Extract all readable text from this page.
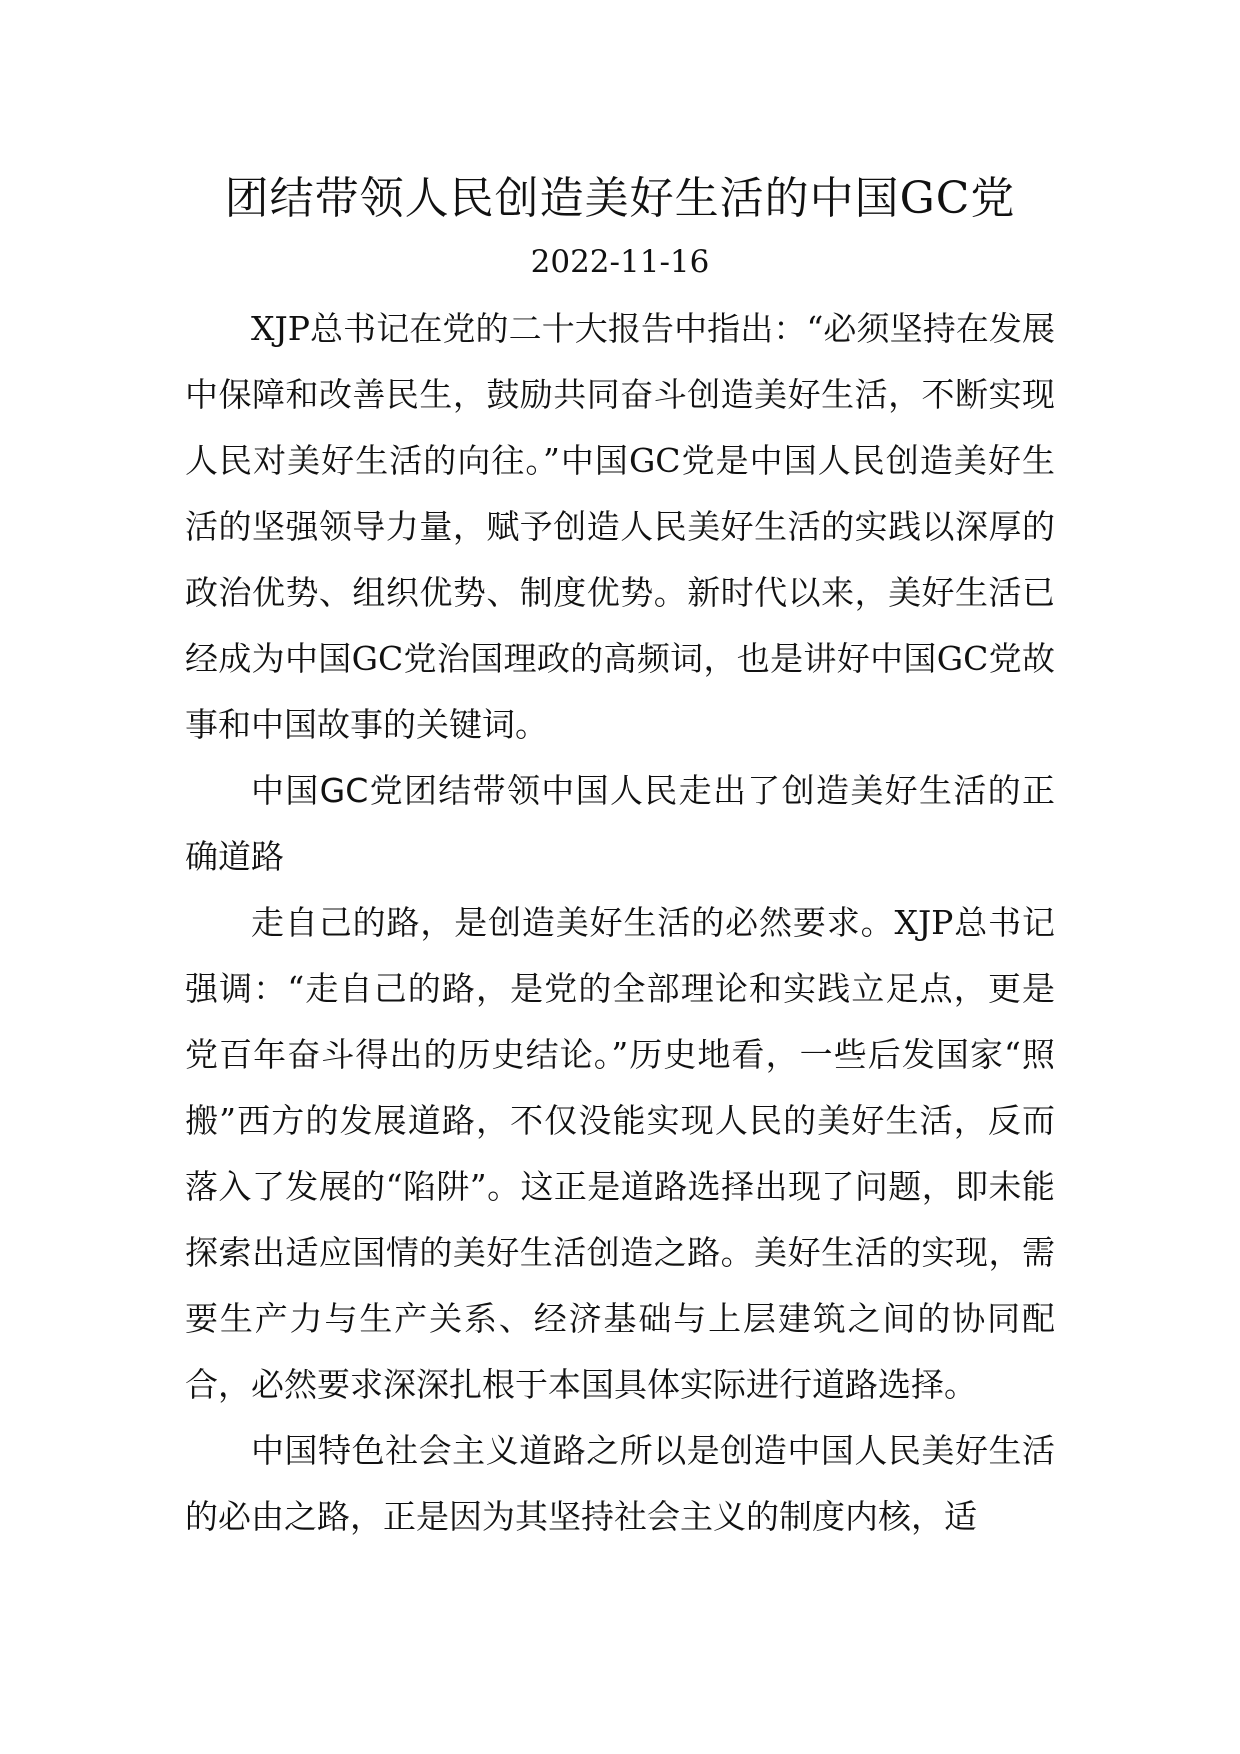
团结带领人民创造美好生活的中国GC党
2022-11-16

XJP总书记在党的二十大报告中指出：“必须坚持在发展中保障和改善民生，鼓励共同奋斗创造美好生活，不断实现人民对美好生活的向往。”中国GC党是中国人民创造美好生活的坚强领导力量，赋予创造人民美好生活的实践以深厚的政治优势、组织优势、制度优势。新时代以来，美好生活已经成为中国GC党治国理政的高频词，也是讲好中国GC党故事和中国故事的关键词。

中国GC党团结带领中国人民走出了创造美好生活的正确道路

走自己的路，是创造美好生活的必然要求。XJP总书记强调：“走自己的路，是党的全部理论和实践立足点，更是党百年奋斗得出的历史结论。”历史地看，一些后发国家“照搬”西方的发展道路，不仅没能实现人民的美好生活，反而落入了发展的“陷阱”。这正是道路选择出现了问题，即未能探索出适应国情的美好生活创造之路。美好生活的实现，需要生产力与生产关系、经济基础与上层建筑之间的协同配合，必然要求深深扎根于本国具体实际进行道路选择。

中国特色社会主义道路之所以是创造中国人民美好生活的必由之路，正是因为其坚持社会主义的制度内核，适
